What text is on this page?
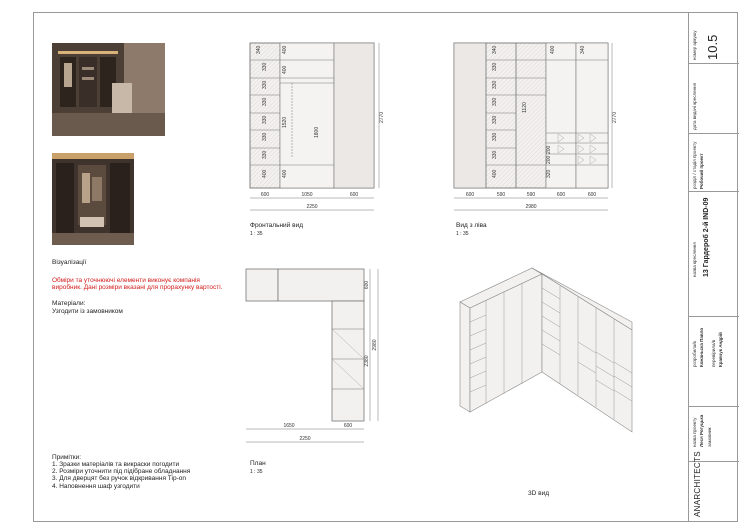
Візуалізації
Обміри та уточнюючі елементи виконує компанія
виробник. Дані розміри вказані для прорахунку вартості.
Матеріали:
Узгодити із замовником
Примітки:
1. Зразки матеріалів та викраски погодити
2. Розміри уточнити під підібране обладнання
3. Для дверцят без ручок відкривання Tip-on
4. Наповнення шаф узгодити
340
330
330
330
330
330
330
400
400
1520
1800
400	400
2770
600	1050	600
2250
Фронтальний вид
1 : 35
340
330
330
330
330
330
330
400	340
1120
400
200
200
320
2770
600	590	590	600	600
2980
Вид з ліва
1 : 35
1650	600
2250
600
2380
2980
План
1 : 35
3D вид
номер аркушу 10.5
дата видачі креслення
розділ / стадія проекту Робочий проект
назва креслення 13 Гардероб 2-й IND-09
розробила/в Кожаньска Павло перевірила/в Кравчук Андрій
назва проекту Леся Рогуцька замовник
ANARCHITECTS
